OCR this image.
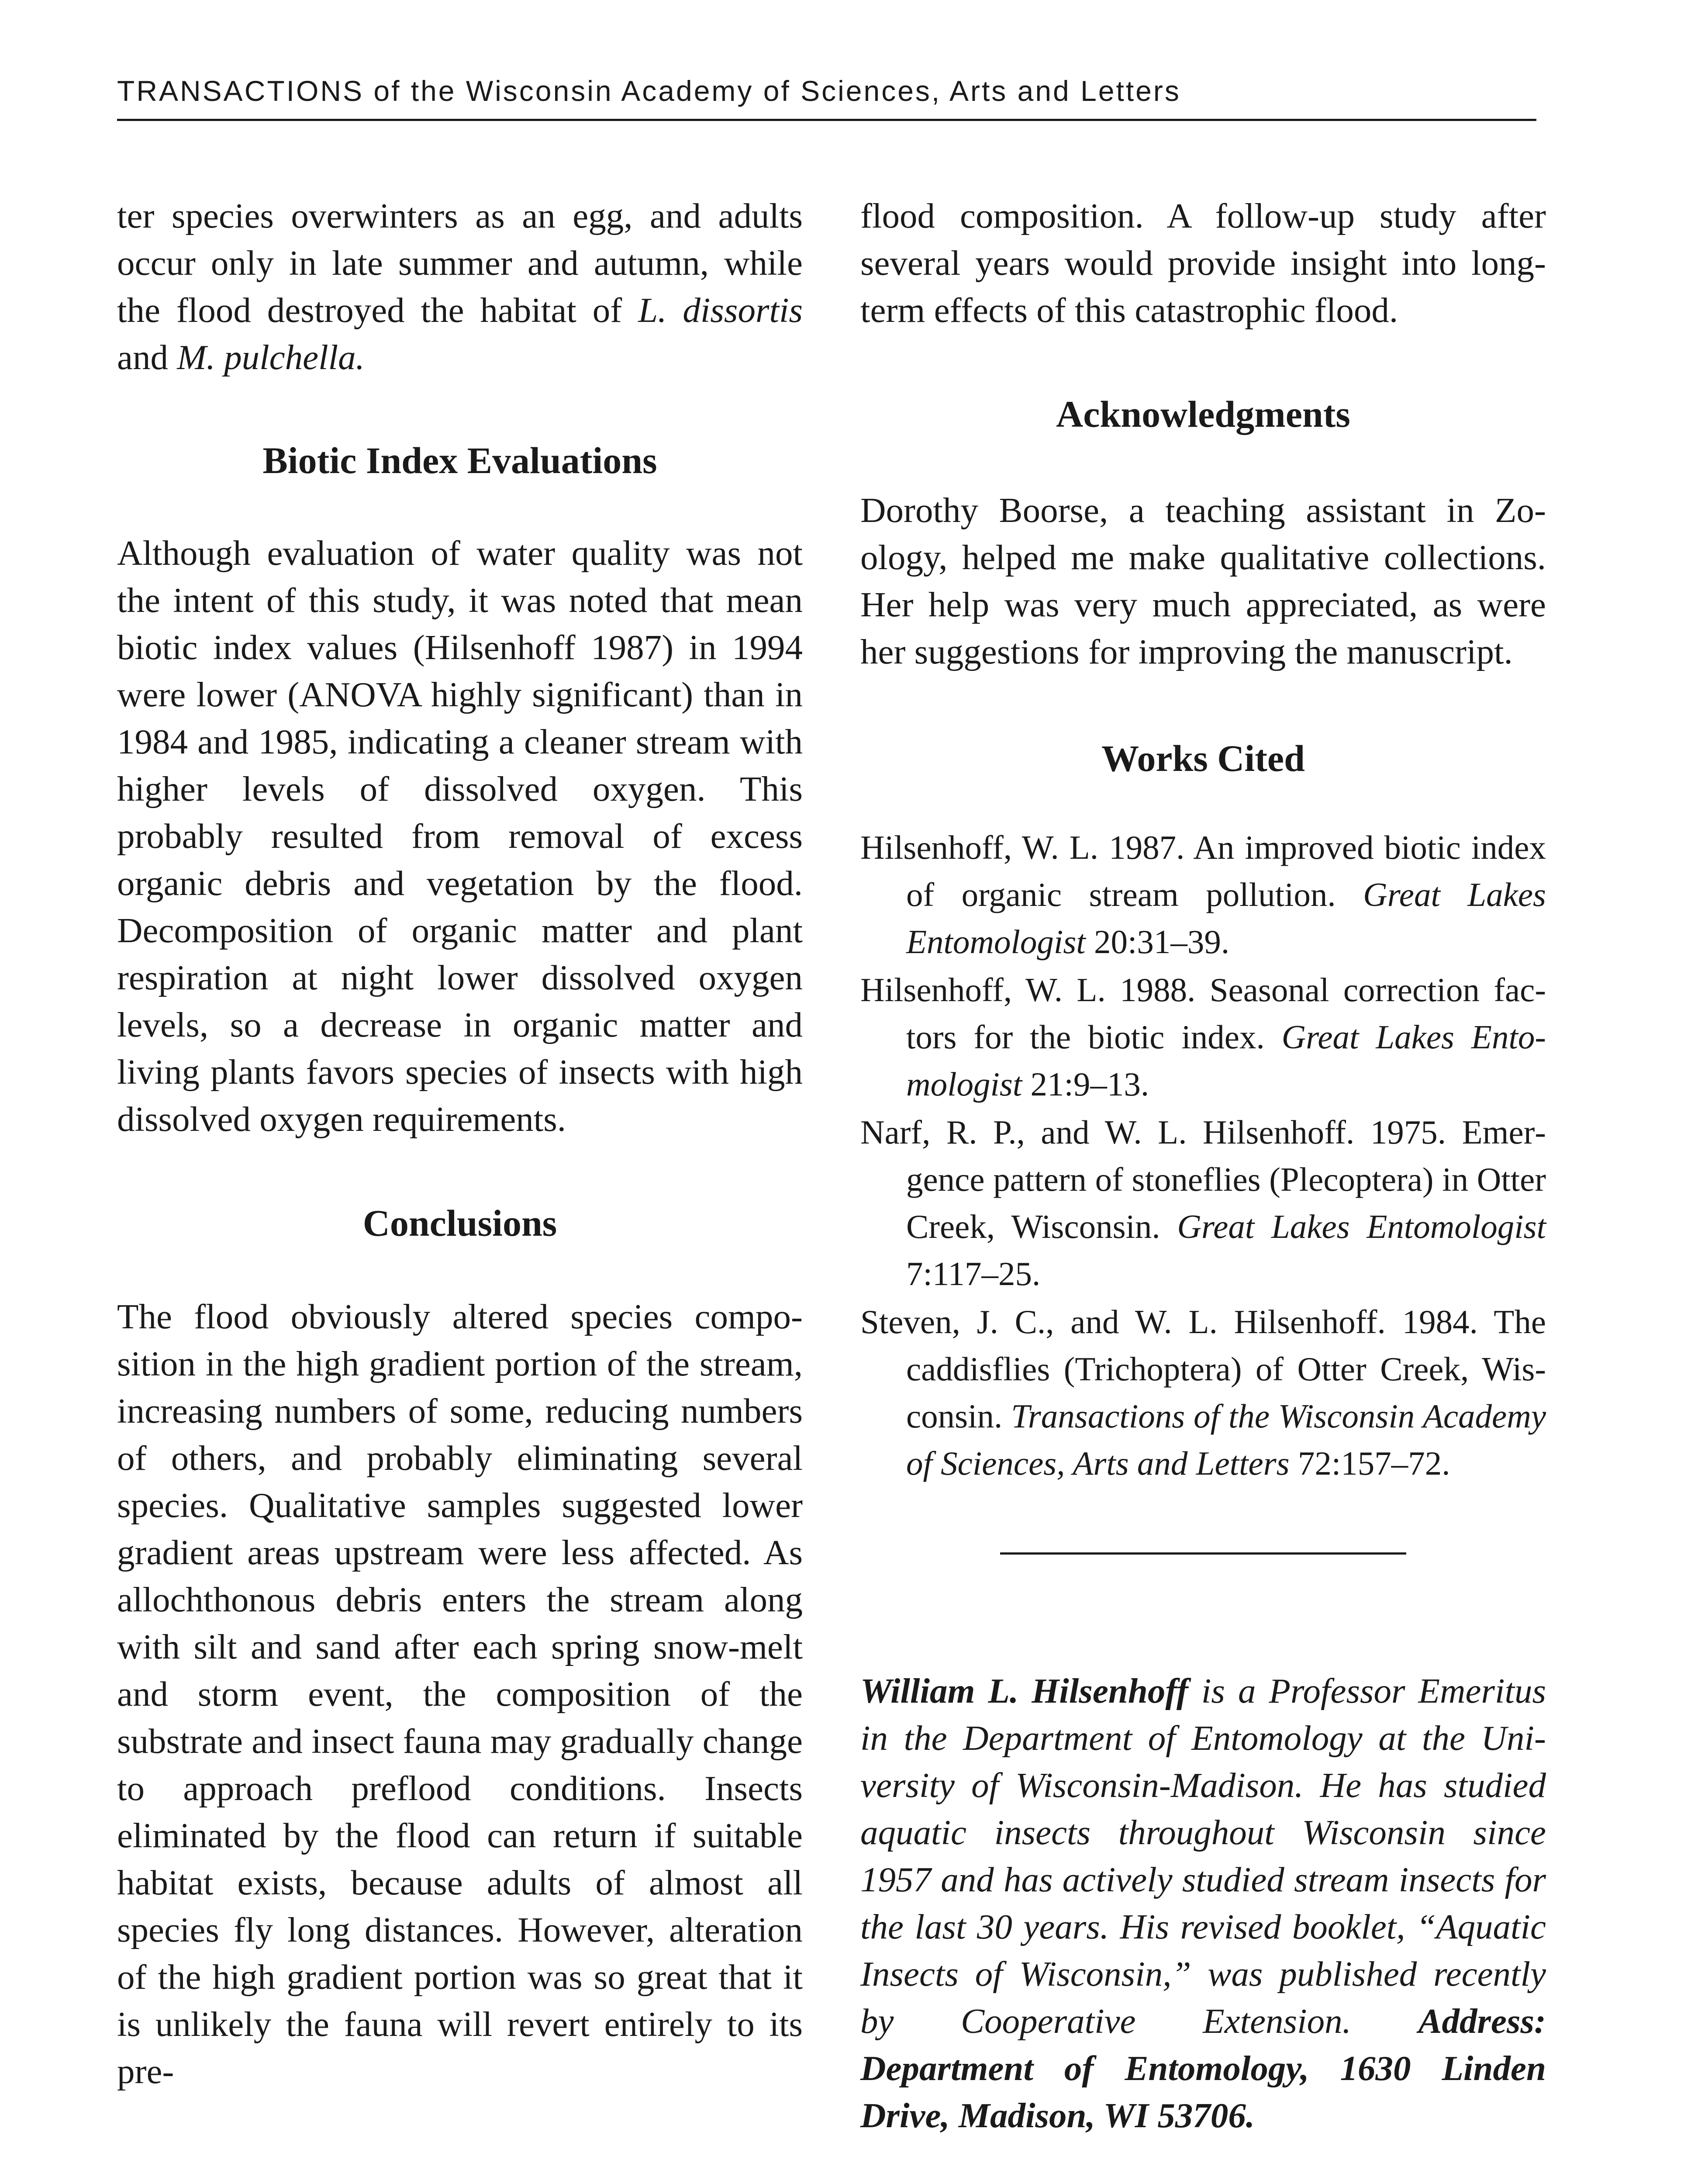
TRANSACTIONS of the Wisconsin Academy of Sciences, Arts and Letters

ter species overwinters as an egg, and adults occur only in late summer and autumn, while the flood destroyed the habitat of L. dissortis and M. pulchella.

Biotic Index Evaluations

Although evaluation of water quality was not the intent of this study, it was noted that mean biotic index values (Hilsenhoff 1987) in 1994 were lower (ANOVA highly significant) than in 1984 and 1985, indicating a cleaner stream with higher levels of dissolved oxygen. This probably resulted from removal of excess organic debris and vegetation by the flood. Decomposition of organic matter and plant respiration at night lower dissolved oxygen levels, so a decrease in organic matter and living plants favors species of insects with high dissolved oxygen requirements.

Conclusions

The flood obviously altered species composition in the high gradient portion of the stream, increasing numbers of some, reducing numbers of others, and probably eliminating several species. Qualitative samples suggested lower gradient areas upstream were less affected. As allochthonous debris enters the stream along with silt and sand after each spring snow-melt and storm event, the composition of the substrate and insect fauna may gradually change to approach preflood conditions. Insects eliminated by the flood can return if suitable habitat exists, because adults of almost all species fly long distances. However, alteration of the high gradient portion was so great that it is unlikely the fauna will revert entirely to its pre-

flood composition. A follow-up study after several years would provide insight into long-term effects of this catastrophic flood.

Acknowledgments

Dorothy Boorse, a teaching assistant in Zoology, helped me make qualitative collections. Her help was very much appreciated, as were her suggestions for improving the manuscript.

Works Cited

Hilsenhoff, W. L. 1987. An improved biotic index of organic stream pollution. Great Lakes Entomologist 20:31–39.

Hilsenhoff, W. L. 1988. Seasonal correction factors for the biotic index. Great Lakes Entomologist 21:9–13.

Narf, R. P., and W. L. Hilsenhoff. 1975. Emergence pattern of stoneflies (Plecoptera) in Otter Creek, Wisconsin. Great Lakes Entomologist 7:117–25.

Steven, J. C., and W. L. Hilsenhoff. 1984. The caddisflies (Trichoptera) of Otter Creek, Wisconsin. Transactions of the Wisconsin Academy of Sciences, Arts and Letters 72:157–72.

William L. Hilsenhoff is a Professor Emeritus in the Department of Entomology at the University of Wisconsin-Madison. He has studied aquatic insects throughout Wisconsin since 1957 and has actively studied stream insects for the last 30 years. His revised booklet, “Aquatic Insects of Wisconsin,” was published recently by Cooperative Extension. Address: Department of Entomology, 1630 Linden Drive, Madison, WI 53706.
